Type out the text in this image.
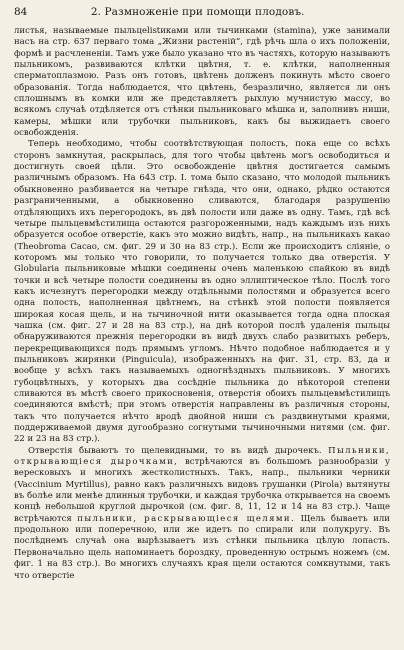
84	2. Размноженіе при помощи плодовъ.

листья, называемые пыльцеlistиками или тычинками (stamina), уже занимали насъ на стр. 637 перваго тома „Жизни растеній“, гдѣ рѣчь шла о ихъ положеніи, формѣ и расчлененіи. Тамъ уже было указано что въ частяхъ, которую называютъ пыльникомъ, развиваются клѣтки цвѣтня, т. е. клѣтки, наполненныя сперматоплазмою. Разъ онъ готовъ, цвѣтень долженъ покинуть мѣсто своего образованія. Тогда наблюдается, что цвѣтень, безразлично, является ли онъ сплошнымъ въ комки или же представляетъ рыхлую мучнистую массу, во всякомъ случаѣ отдѣляется отъ стѣнки пыльниковаго мѣшка и, заполнивъ ниши, камеры, мѣшки или трубочки пыльниковъ, какъ бы выжидаетъ своего освобожденія.

Теперь необходимо, чтобы соотвѣтствующая полость, пока еще со всѣхъ сторонъ замкнутая, раскрылась, для того чтобы цвѣтень могъ освободиться и достигнуть своей цѣли. Это освобожденіе цвѣтня достигается самымъ различнымъ образомъ. На 643 стр. I. тома было сказано, что молодой пыльникъ обыкновенно разбивается на четыре гнѣзда, что они, однако, рѣдко остаются разграниченными, а обыкновенно сливаются, благодаря разрушенію отдѣляющихъ ихъ перегородокъ, въ двѣ полости или даже въ одну. Тамъ, гдѣ всѣ четыре пыльцевмѣстилища остаются разгороженными, надъ каждымъ изъ нихъ образуется особое отверстіе, какъ это можно видѣть, напр., на пыльникахъ какао (Theobroma Cacao, см. фиг. 29 и 30 на 83 стр.). Если же происходитъ сліяніе, о которомъ мы только что говорили, то получается только два отверстія. У Globularia пыльниковые мѣшки соединены очень маленькою спайкою въ видѣ точки и всѣ четыре полости соединены въ одно эллиптическое тѣло. Послѣ того какъ исчезнутъ перегородки между отдѣльными полостями и образуется всего одна полость, наполненная цвѣтнемъ, на стѣнкѣ этой полости появляется широкая косая щель, и на тычиночной нити оказывается тогда одна плоская чашка (см. фиг. 27 и 28 на 83 стр.), на днѣ которой послѣ удаленія пыльцы обнаруживаются прежнія перегородки въ видѣ двухъ слабо развитыхъ реберъ, перекрещивающихся подъ прямымъ угломъ. Нѣчто подобное наблюдается и у пыльниковъ жирянки (Pinguicula), изображенныхъ на фиг. 31, стр. 83, да и вообще у всѣхъ такъ называемыхъ одногнѣздныхъ пыльниковъ. У многихъ губоцвѣтныхъ, у которыхъ два сосѣдніе пыльника до нѣкоторой степени сливаются въ мѣстѣ своего прикосновенія, отверстія обоихъ пыльцевмѣстилищъ соединяются вмѣстѣ; при этомъ отверстія направлены въ различныя стороны, такъ что получается нѣчто вродѣ двойной ниши съ раздвинутыми краями, поддерживаемой двумя дугообразно согнутыми тычиночными нитями (см. фиг. 22 и 23 на 83 стр.).

Отверстія бываютъ то щелевидными, то въ видѣ дырочекъ. Пыльники, открывающіеся дырочками, встрѣчаются въ большомъ разнообразіи у вересковыхъ и многихъ жестколистныхъ. Такъ, напр., пыльники черники (Vaccinium Myrtillus), равно какъ различныхъ видовъ грушанки (Pirola) вытянуты въ болѣе или менѣе длинныя трубочки, и каждая трубочка открывается на своемъ концѣ небольшой круглой дырочкой (см. фиг. 8, 11, 12 и 14 на 83 стр.). Чаще встрѣчаются пыльники, раскрывающіеся щелями. Щель бываетъ или продольною или поперечною, или же идетъ по спирали или полукругу. Въ послѣднемъ случаѣ она вырѣзываетъ изъ стѣнки пыльника цѣлую лопасть. Первоначально щель напоминаетъ бороздку, проведенную острымъ ножемъ (см. фиг. 1 на 83 стр.). Во многихъ случаяхъ края щели остаются сомкнутыми, такъ что отверстіе
